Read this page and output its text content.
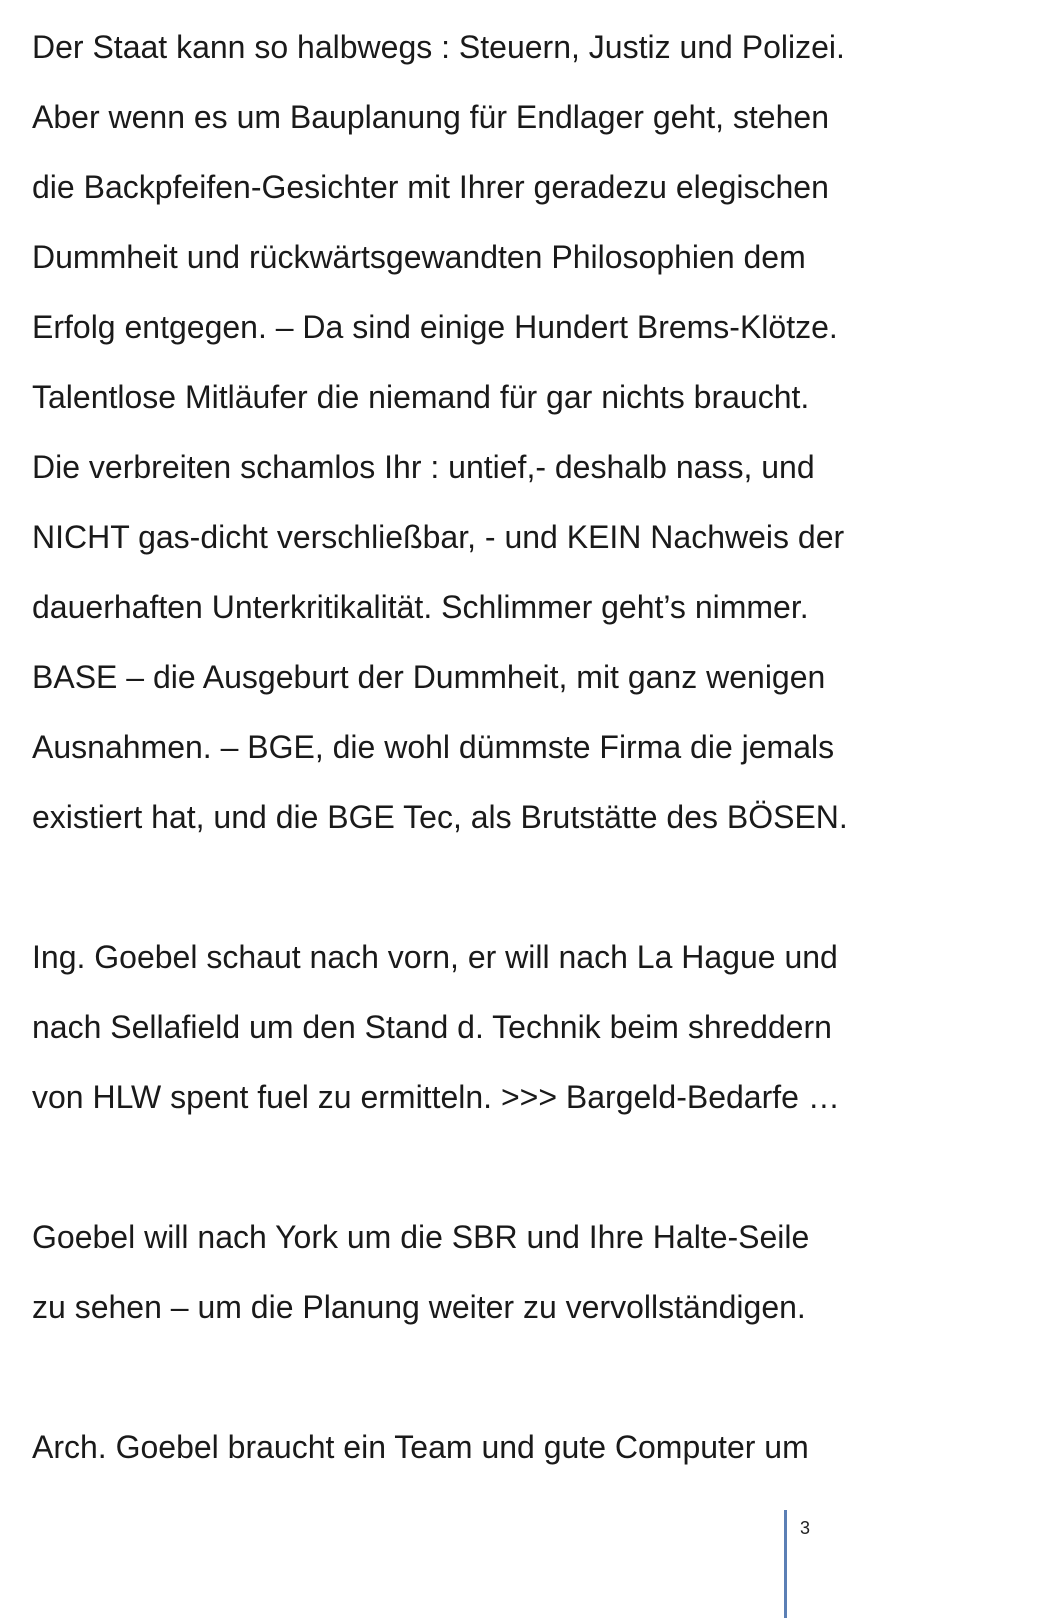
Der Staat kann so halbwegs : Steuern, Justiz und Polizei.
Aber wenn es um Bauplanung für Endlager geht, stehen
die Backpfeifen-Gesichter mit Ihrer geradezu elegischen
Dummheit und rückwärtsgewandten Philosophien dem
Erfolg entgegen. – Da sind einige Hundert Brems-Klötze.
Talentlose Mitläufer die niemand für gar nichts braucht.
Die verbreiten schamlos Ihr : untief,- deshalb nass, und
NICHT gas-dicht verschließbar, - und KEIN Nachweis der
dauerhaften Unterkritikalität. Schlimmer geht’s nimmer.
BASE – die Ausgeburt der Dummheit, mit ganz wenigen
Ausnahmen. – BGE, die wohl dümmste Firma die jemals
existiert hat, und die BGE Tec, als Brutstätte des BÖSEN.
Ing. Goebel schaut nach vorn, er will nach La Hague und
nach Sellafield um den Stand d. Technik beim shreddern
von HLW spent fuel zu ermitteln. >>> Bargeld-Bedarfe …
Goebel will nach York um die SBR und Ihre Halte-Seile
zu sehen – um die Planung weiter zu vervollständigen.
Arch. Goebel braucht ein Team und gute Computer um
3
